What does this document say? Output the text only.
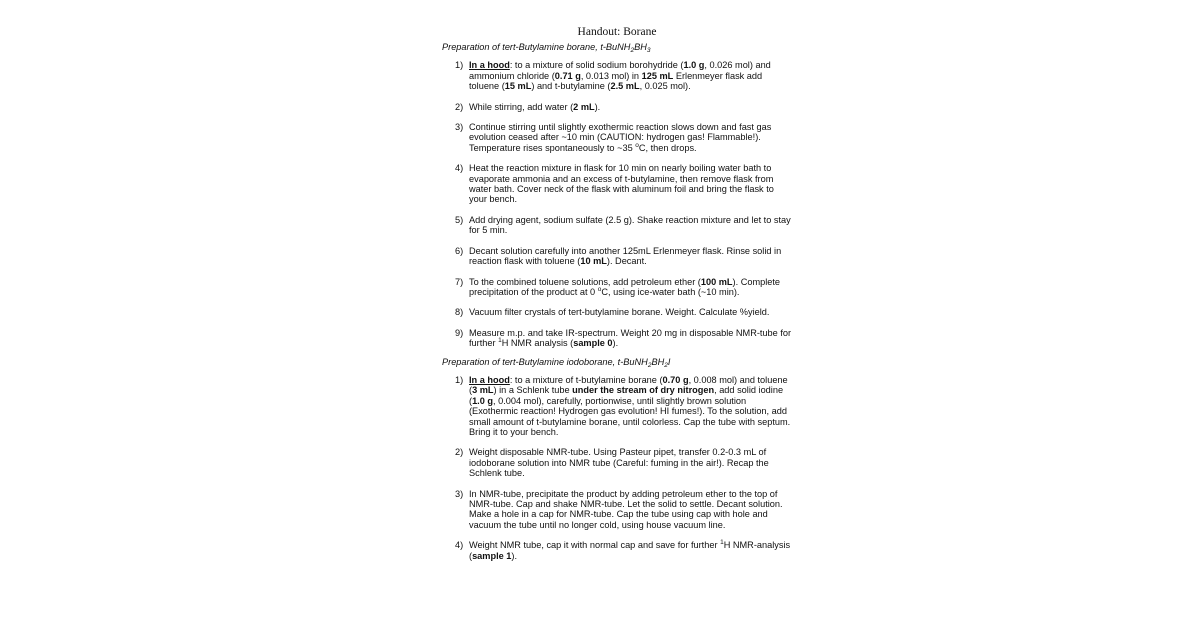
Handout: Borane
Preparation of tert-Butylamine borane, $t-BuNH_2BH_3$
1) In a hood: to a mixture of solid sodium borohydride (1.0 g, 0.026 mol) and ammonium chloride (0.71 g, 0.013 mol) in 125 mL Erlenmeyer flask add toluene (15 mL) and t-butylamine (2.5 mL, 0.025 mol).
2) While stirring, add water (2 mL).
3) Continue stirring until slightly exothermic reaction slows down and fast gas evolution ceased after ~10 min (CAUTION: hydrogen gas! Flammable!). Temperature rises spontaneously to ~35 $^o$C, then drops.
4) Heat the reaction mixture in flask for 10 min on nearly boiling water bath to evaporate ammonia and an excess of t-butylamine, then remove flask from water bath. Cover neck of the flask with aluminum foil and bring the flask to your bench.
5) Add drying agent, sodium sulfate (2.5 g). Shake reaction mixture and let to stay for 5 min.
6) Decant solution carefully into another 125mL Erlenmeyer flask. Rinse solid in reaction flask with toluene (10 mL). Decant.
7) To the combined toluene solutions, add petroleum ether (100 mL). Complete precipitation of the product at 0 $^o$C, using ice-water bath (~10 min).
8) Vacuum filter crystals of tert-butylamine borane. Weight. Calculate %yield.
9) Measure m.p. and take IR-spectrum. Weight 20 mg in disposable NMR-tube for further $^1$H NMR analysis (sample 0).
Preparation of tert-Butylamine iodoborane, $t-BuNH_2BH_2I$
1) In a hood: to a mixture of t-butylamine borane (0.70 g, 0.008 mol) and toluene (3 mL) in a Schlenk tube under the stream of dry nitrogen, add solid iodine (1.0 g, 0.004 mol), carefully, portionwise, until slightly brown solution (Exothermic reaction! Hydrogen gas evolution! HI fumes!). To the solution, add small amount of t-butylamine borane, until colorless. Cap the tube with septum. Bring it to your bench.
2) Weight disposable NMR-tube. Using Pasteur pipet, transfer 0.2-0.3 mL of iodoborane solution into NMR tube (Careful: fuming in the air!). Recap the Schlenk tube.
3) In NMR-tube, precipitate the product by adding petroleum ether to the top of NMR-tube. Cap and shake NMR-tube. Let the solid to settle. Decant solution. Make a hole in a cap for NMR-tube. Cap the tube using cap with hole and vacuum the tube until no longer cold, using house vacuum line.
4) Weight NMR tube, cap it with normal cap and save for further $^1$H NMR-analysis (sample 1).
